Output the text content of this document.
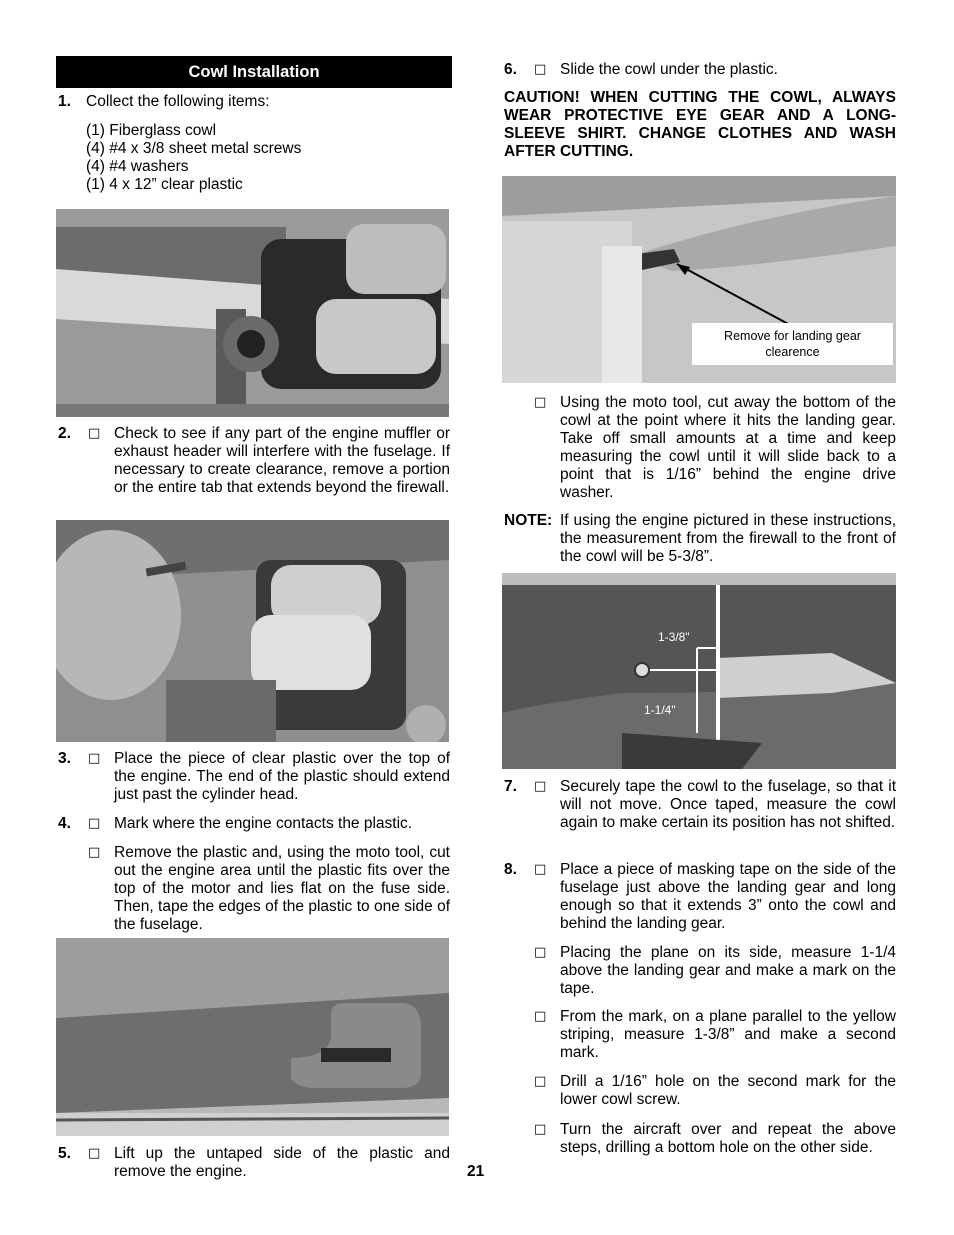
Cowl Installation
1. Collect the following items:
(1) Fiberglass cowl
(4) #4 x 3/8 sheet metal screws
(4) #4 washers
(1) 4 x 12” clear plastic
2. □ Check to see if any part of the engine muffler or exhaust header will interfere with the fuselage. If necessary to create clearance, remove a portion or the entire tab that extends beyond the firewall.
3. □ Place the piece of clear plastic over the top of the engine. The end of the plastic should extend just past the cylinder head.
4. □ Mark where the engine contacts the plastic.
□ Remove the plastic and, using the moto tool, cut out the engine area until the plastic fits over the top of the motor and lies flat on the fuse side. Then, tape the edges of the plastic to one side of the fuselage.
5. □ Lift up the untaped side of the plastic and remove the engine.	21
6. □ Slide the cowl under the plastic.
CAUTION! WHEN CUTTING THE COWL, ALWAYS WEAR PROTECTIVE EYE GEAR AND A LONG-SLEEVE SHIRT. CHANGE CLOTHES AND WASH AFTER CUTTING.
Remove for landing gear clearence
□ Using the moto tool, cut away the bottom of the cowl at the point where it hits the landing gear. Take off small amounts at a time and keep measuring the cowl until it will slide back to a point that is 1/16” behind the engine drive washer.
NOTE: If using the engine pictured in these instructions, the measurement from the firewall to the front of the cowl will be 5-3/8”.
1-3/8"
1-1/4"
7. □ Securely tape the cowl to the fuselage, so that it will not move. Once taped, measure the cowl again to make certain its position has not shifted.
8. □ Place a piece of masking tape on the side of the fuselage just above the landing gear and long enough so that it extends 3” onto the cowl and behind the landing gear.
□ Placing the plane on its side, measure 1-1/4 above the landing gear and make a mark on the tape.
□ From the mark, on a plane parallel to the yellow striping, measure 1-3/8” and make a second mark.
□ Drill a 1/16” hole on the second mark for the lower cowl screw.
□ Turn the aircraft over and repeat the above steps, drilling a bottom hole on the other side.
